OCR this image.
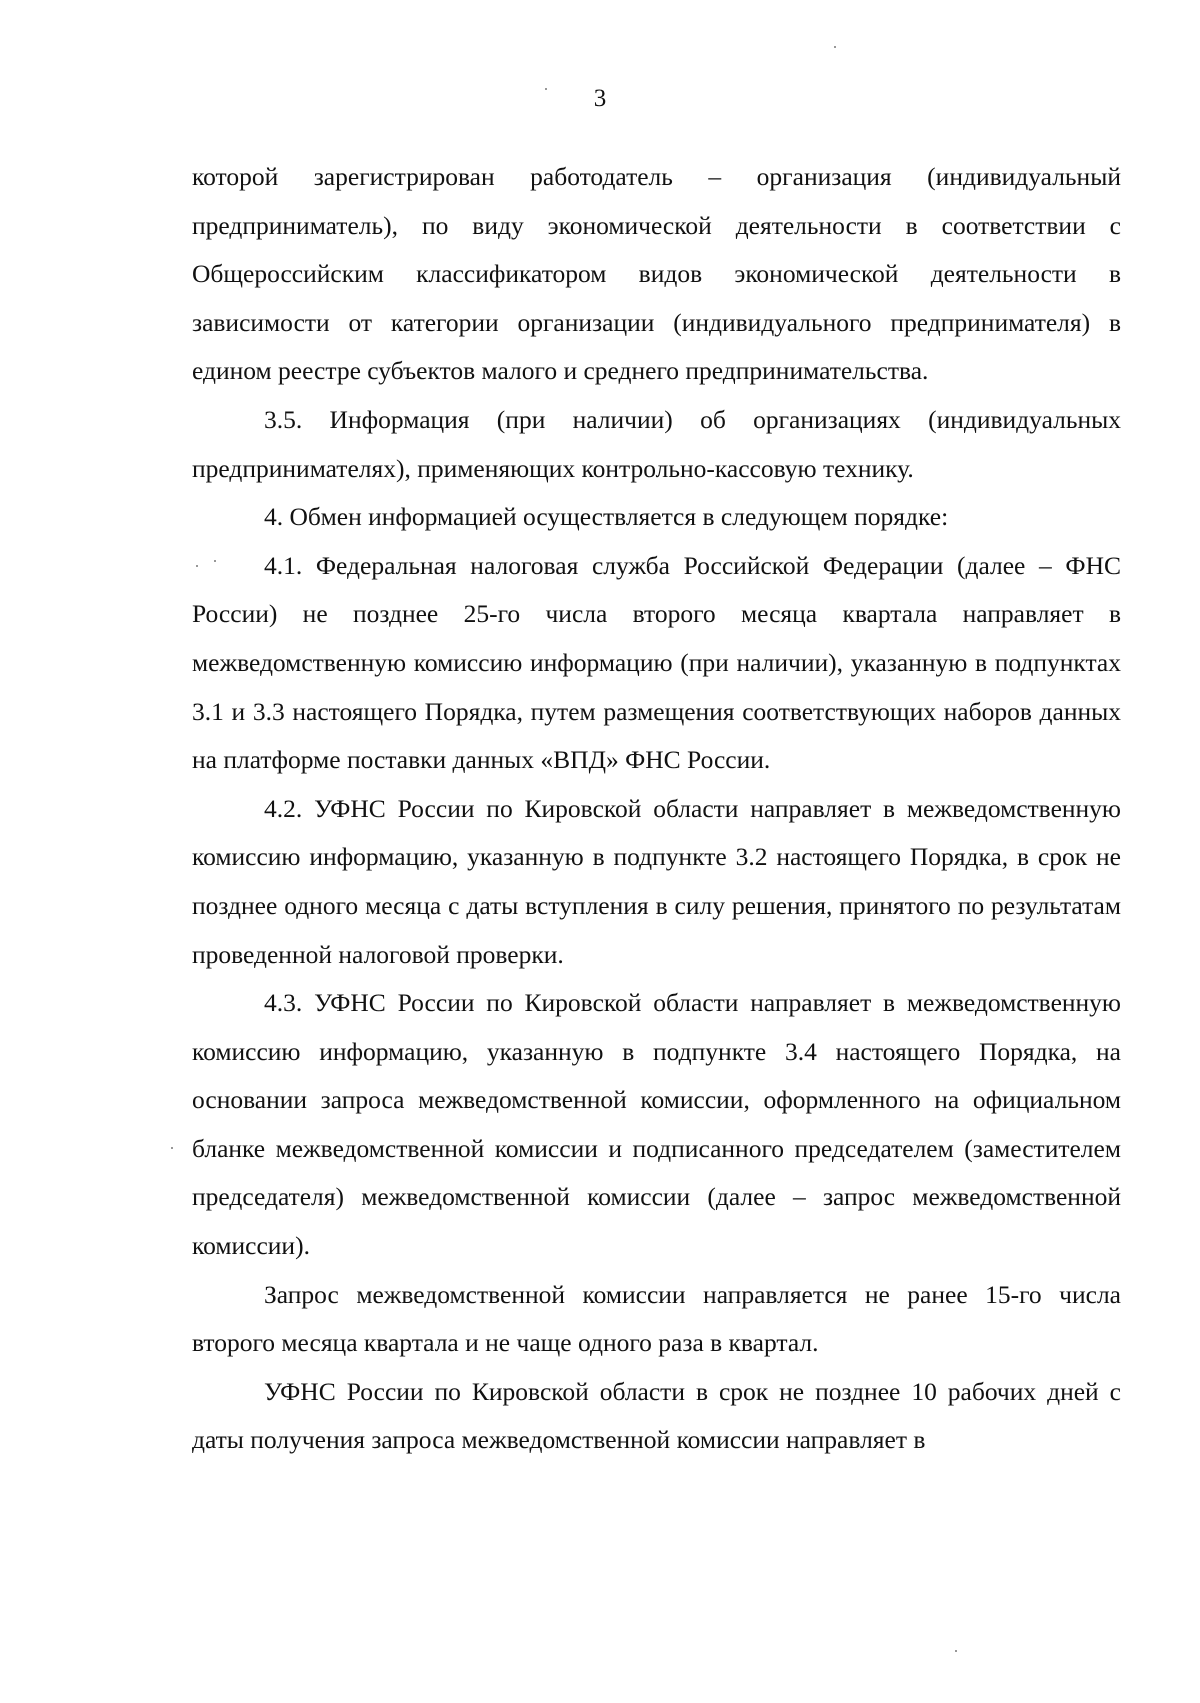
3

которой зарегистрирован работодатель – организация (индивидуальный предприниматель), по виду экономической деятельности в соответствии с Общероссийским классификатором видов экономической деятельности в зависимости от категории организации (индивидуального предпринимателя) в едином реестре субъектов малого и среднего предпринимательства.

3.5. Информация (при наличии) об организациях (индивидуальных предпринимателях), применяющих контрольно-кассовую технику.

4. Обмен информацией осуществляется в следующем порядке:

4.1. Федеральная налоговая служба Российской Федерации (далее – ФНС России) не позднее 25-го числа второго месяца квартала направляет в межведомственную комиссию информацию (при наличии), указанную в подпунктах 3.1 и 3.3 настоящего Порядка, путем размещения соответствующих наборов данных на платформе поставки данных «ВПД» ФНС России.

4.2. УФНС России по Кировской области направляет в межведомственную комиссию информацию, указанную в подпункте 3.2 настоящего Порядка, в срок не позднее одного месяца с даты вступления в силу решения, принятого по результатам проведенной налоговой проверки.

4.3. УФНС России по Кировской области направляет в межведомственную комиссию информацию, указанную в подпункте 3.4 настоящего Порядка, на основании запроса межведомственной комиссии, оформленного на официальном бланке межведомственной комиссии и подписанного председателем (заместителем председателя) межведомственной комиссии (далее – запрос межведомственной комиссии).

Запрос межведомственной комиссии направляется не ранее 15-го числа второго месяца квартала и не чаще одного раза в квартал.

УФНС России по Кировской области в срок не позднее 10 рабочих дней с даты получения запроса межведомственной комиссии направляет в
